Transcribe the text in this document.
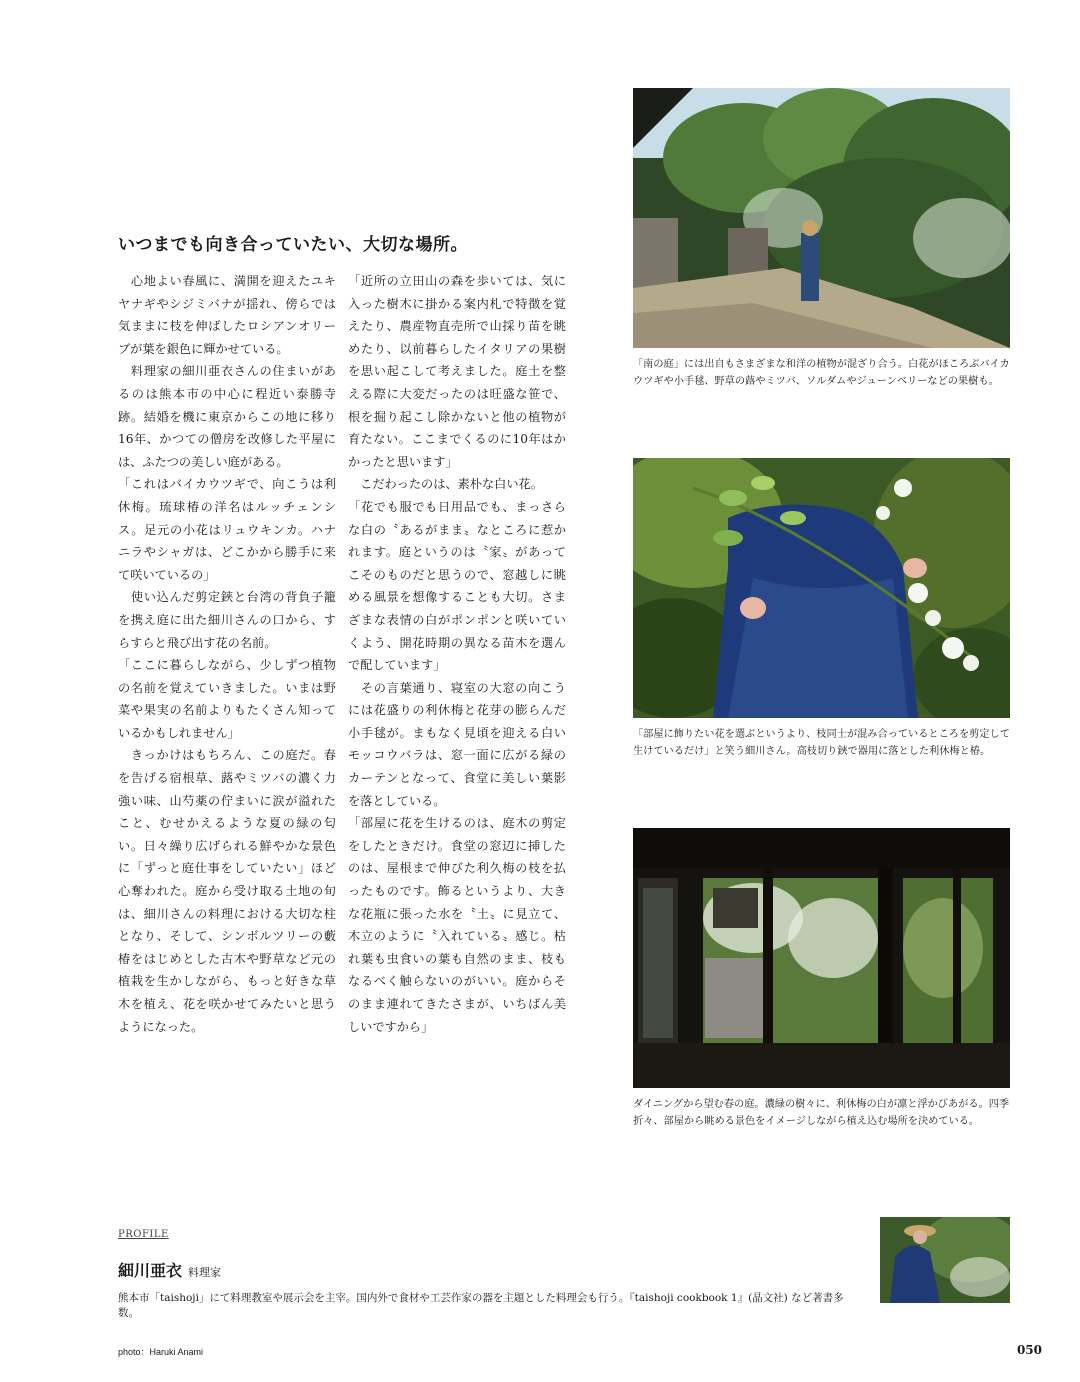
いつまでも向き合っていたい、大切な場所。

　心地よい春風に、満開を迎えたユキヤナギやシジミバナが揺れ、傍らでは気ままに枝を伸ばしたロシアンオリーブが葉を銀色に輝かせている。

　料理家の細川亜衣さんの住まいがあるのは熊本市の中心に程近い泰勝寺跡。結婚を機に東京からこの地に移り16年、かつての僧房を改修した平屋には、ふたつの美しい庭がある。

「これはバイカウツギで、向こうは利休梅。琉球椿の洋名はルッチェンシス。足元の小花はリュウキンカ。ハナニラやシャガは、どこかから勝手に来て咲いているの」

　使い込んだ剪定鋏と台湾の背負子籠を携え庭に出た細川さんの口から、すらすらと飛び出す花の名前。

「ここに暮らしながら、少しずつ植物の名前を覚えていきました。いまは野菜や果実の名前よりもたくさん知っているかもしれません」

　きっかけはもちろん、この庭だ。春を告げる宿根草、蕗やミツバの濃く力強い味、山芍薬の佇まいに涙が溢れたこと、むせかえるような夏の緑の匂い。日々繰り広げられる鮮やかな景色に「ずっと庭仕事をしていたい」ほど心奪われた。庭から受け取る土地の旬は、細川さんの料理における大切な柱となり、そして、シンボルツリーの藪椿をはじめとした古木や野草など元の植栽を生かしながら、もっと好きな草木を植え、花を咲かせてみたいと思うようになった。

「近所の立田山の森を歩いては、気に入った樹木に掛かる案内札で特徴を覚えたり、農産物直売所で山採り苗を眺めたり、以前暮らしたイタリアの果樹を思い起こして考えました。庭土を整える際に大変だったのは旺盛な笹で、根を掘り起こし除かないと他の植物が育たない。ここまでくるのに10年はかかったと思います」

　こだわったのは、素朴な白い花。

「花でも服でも日用品でも、まっさらな白の〝あるがまま〟なところに惹かれます。庭というのは〝家〟があってこそのものだと思うので、窓越しに眺める風景を想像することも大切。さまざまな表情の白がポンポンと咲いていくよう、開花時期の異なる苗木を選んで配しています」

　その言葉通り、寝室の大窓の向こうには花盛りの利休梅と花芽の膨らんだ小手毬が。まもなく見頃を迎える白いモッコウバラは、窓一面に広がる緑のカーテンとなって、食堂に美しい葉影を落としている。

「部屋に花を生けるのは、庭木の剪定をしたときだけ。食堂の窓辺に挿したのは、屋根まで伸びた利久梅の枝を払ったものです。飾るというより、大きな花瓶に張った水を〝土〟に見立て、木立のように〝入れている〟感じ。枯れ葉も虫食いの葉も自然のまま、枝もなるべく触らないのがいい。庭からそのまま連れてきたさまが、いちばん美しいですから」

「南の庭」には出自もさまざまな和洋の植物が混ざり合う。白花がほころぶバイカウツギや小手毬、野草の蕗やミツバ、ソルダムやジューンベリーなどの果樹も。

「部屋に飾りたい花を選ぶというより、枝同士が混み合っているところを剪定して生けているだけ」と笑う細川さん。高枝切り鋏で器用に落とした利休梅と椿。

ダイニングから望む春の庭。濃緑の樹々に、利休梅の白が凛と浮かびあがる。四季折々、部屋から眺める景色をイメージしながら植え込む場所を決めている。

PROFILE
細川亜衣 料理家

熊本市「taishoji」にて料理教室や展示会を主宰。国内外で食材や工芸作家の器を主題とした料理会も行う。『taishoji cookbook 1』(晶文社) など著書多数。

photo：Haruki Anami	050
